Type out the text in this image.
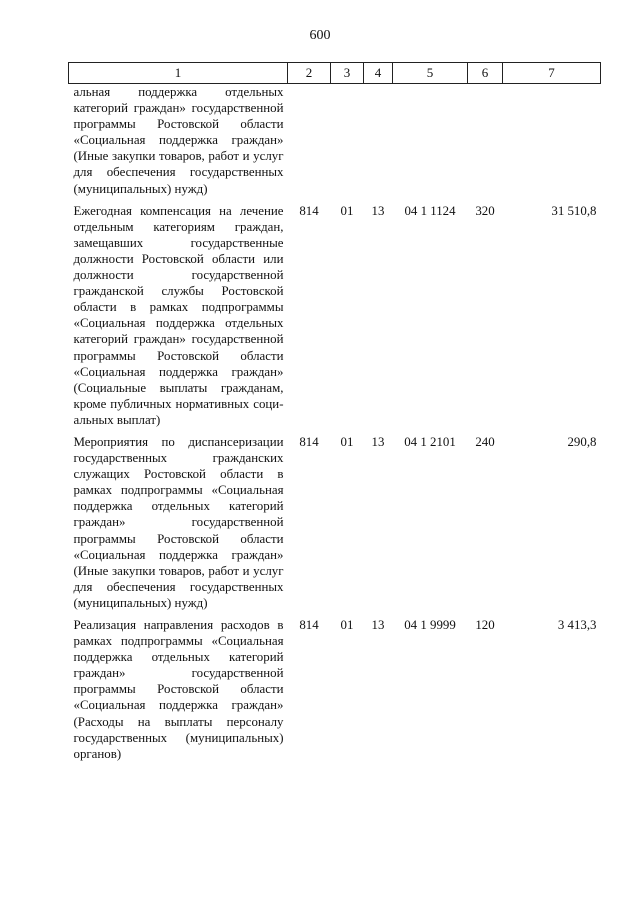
600
1	2	3	4	5	6	7
альная поддержка отдельных категорий граждан» государственной программы Ростовской области «Социальная поддержка граждан» (Иные закупки товаров, работ и услуг для обеспечения государственных (муниципальных) нужд)						
Ежегодная компенсация на лечение отдельным категориям граждан, замещавших государственные должности Ростовской области или должности государственной гражданской службы Ростовской области в рамках подпрограммы «Социальная поддержка отдельных категорий граждан» государственной программы Ростовской области «Социальная поддержка граждан» (Социальные выплаты гражданам, кроме публичных нормативных социальных выплат)	814	01	13	04 1 1124	320	31 510,8
Мероприятия по диспансеризации государственных гражданских служащих Ростовской области в рамках подпрограммы «Социальная поддержка отдельных категорий граждан» государственной программы Ростовской области «Социальная поддержка граждан» (Иные закупки товаров, работ и услуг для обеспечения государственных (муниципальных) нужд)	814	01	13	04 1 2101	240	290,8
Реализация направления расходов в рамках подпрограммы «Социальная поддержка отдельных категорий граждан» государственной программы Ростовской области «Социальная поддержка граждан» (Расходы на выплаты персоналу государственных (муниципальных) органов)	814	01	13	04 1 9999	120	3 413,3
